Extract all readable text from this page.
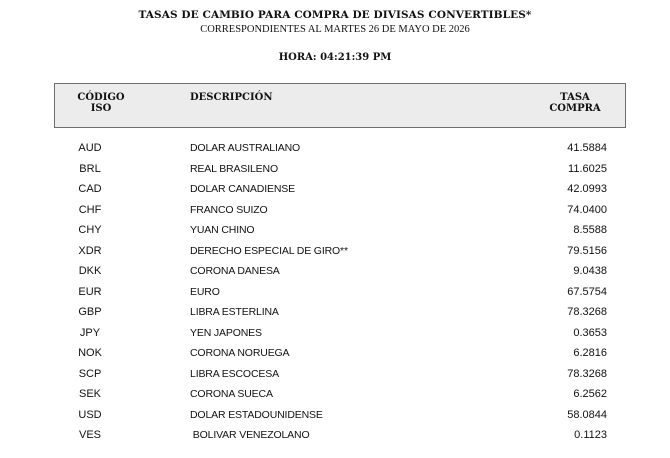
TASAS DE CAMBIO PARA COMPRA DE DIVISAS CONVERTIBLES*
CORRESPONDIENTES AL MARTES 26 DE MAYO DE 2026
HORA: 04:21:39 PM
CÓDIGO
ISO
DESCRIPCIÓN	TASA
COMPRA
AUD	DOLAR AUSTRALIANO	41.5884
BRL	REAL BRASILENO	11.6025
CAD	DOLAR CANADIENSE	42.0993
CHF	FRANCO SUIZO	74.0400
CHY	YUAN CHINO	8.5588
XDR	DERECHO ESPECIAL DE GIRO**	79.5156
DKK	CORONA DANESA	9.0438
EUR	EURO	67.5754
GBP	LIBRA ESTERLINA	78.3268
JPY	YEN JAPONES	0.3653
NOK	CORONA NORUEGA	6.2816
SCP	LIBRA ESCOCESA	78.3268
SEK	CORONA SUECA	6.2562
USD	DOLAR ESTADOUNIDENSE	58.0844
VES	BOLIVAR VENEZOLANO	0.1123
